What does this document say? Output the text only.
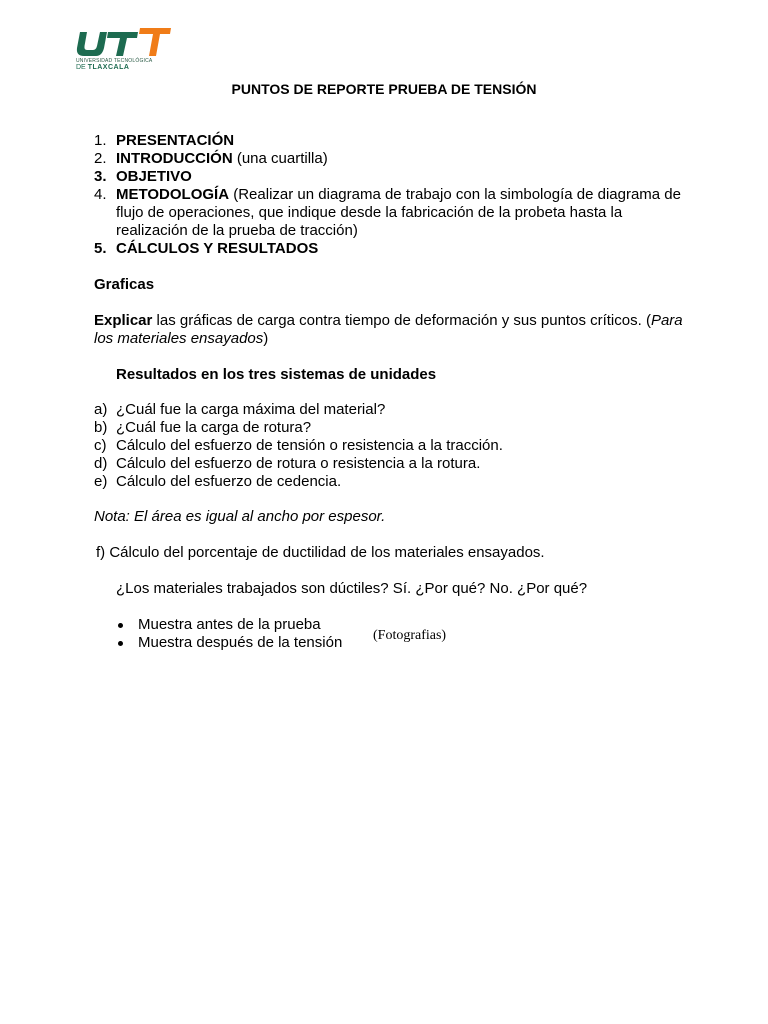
UNIVERSIDAD TECNOLÓGICA
DE TLAXCALA
PUNTOS DE REPORTE PRUEBA DE TENSIÓN
1. PRESENTACIÓN
2. INTRODUCCIÓN (una cuartilla)
3. OBJETIVO
4. METODOLOGÍA (Realizar un diagrama de trabajo con la simbología de diagrama de flujo de operaciones, que indique desde la fabricación de la probeta hasta la realización de la prueba de tracción)
5. CÁLCULOS Y RESULTADOS
Graficas
Explicar las gráficas de carga contra tiempo de deformación y sus puntos críticos. (Para los materiales ensayados)
Resultados en los tres sistemas de unidades
a) ¿Cuál fue la carga máxima del material?
b) ¿Cuál fue la carga de rotura?
c) Cálculo del esfuerzo de tensión o resistencia a la tracción.
d) Cálculo del esfuerzo de rotura o resistencia a la rotura.
e) Cálculo del esfuerzo de cedencia.
Nota: El área es igual al ancho por espesor.
f) Cálculo del porcentaje de ductilidad de los materiales ensayados.
¿Los materiales trabajados son dúctiles? Sí. ¿Por qué? No. ¿Por qué?
Muestra antes de la prueba
Muestra después de la tensión	(Fotografias)
